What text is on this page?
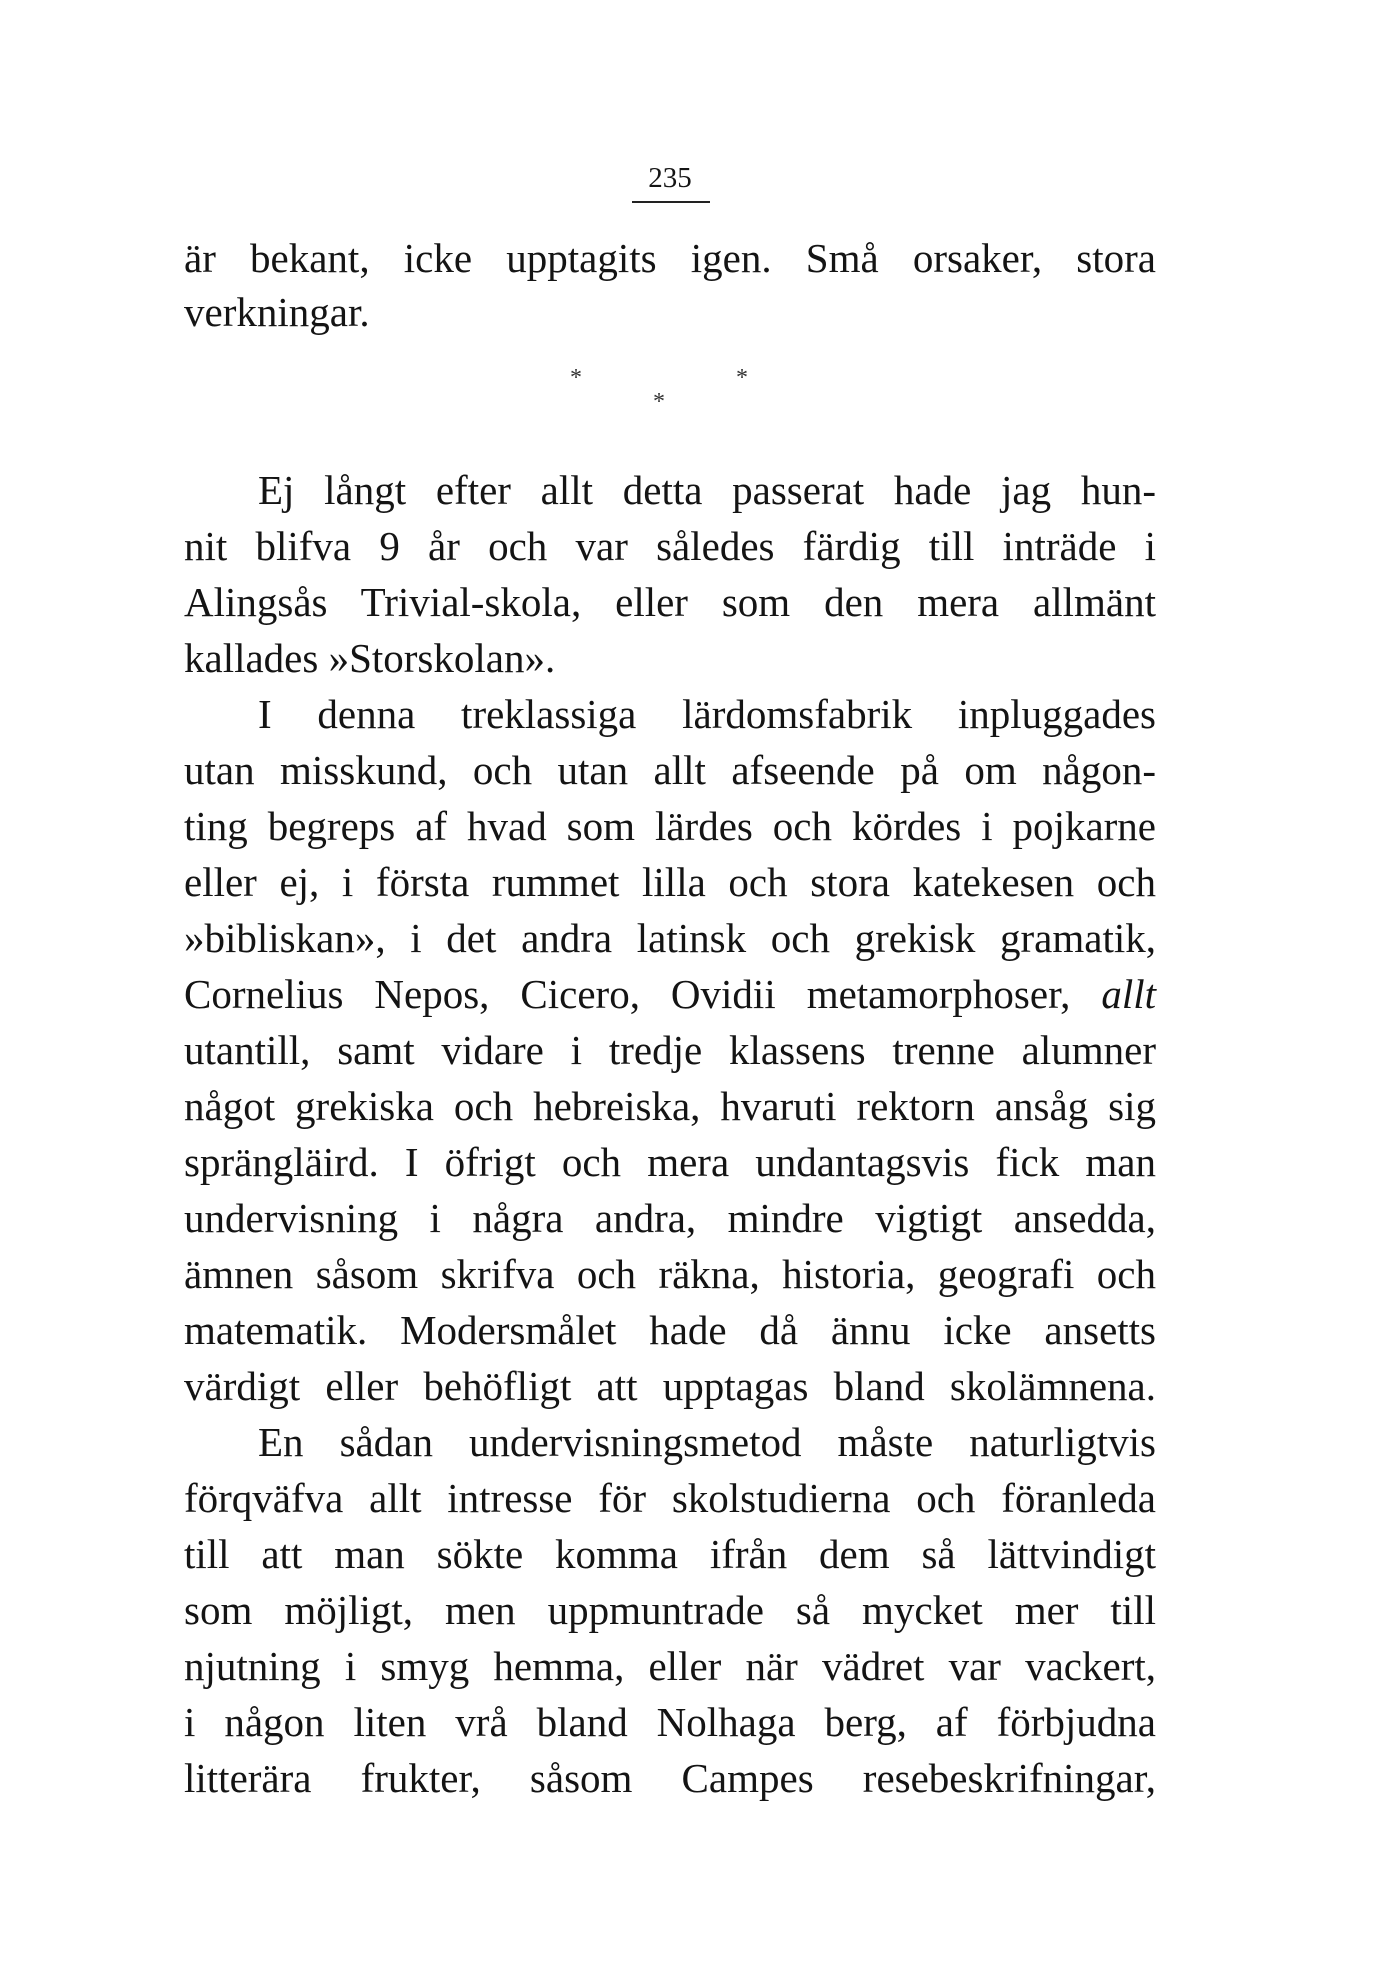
235
är bekant, icke upptagits igen. Små orsaker, stora
verkningar.
*
*
*
Ej långt efter allt detta passerat hade jag hun-
nit blifva 9 år och var således färdig till inträde i
Alingsås Trivial-skola, eller som den mera allmänt
kallades »Storskolan».
I denna treklassiga lärdomsfabrik inpluggades
utan misskund, och utan allt afseende på om någon-
ting begreps af hvad som lärdes och kördes i pojkarne
eller ej, i första rummet lilla och stora katekesen och
»bibliskan», i det andra latinsk och grekisk gramatik,
Cornelius Nepos, Cicero, Ovidii metamorphoser, allt
utantill, samt vidare i tredje klassens trenne alumner
något grekiska och hebreiska, hvaruti rektorn ansåg sig
sprängläird. I öfrigt och mera undantagsvis fick man
undervisning i några andra, mindre vigtigt ansedda,
ämnen såsom skrifva och räkna, historia, geografi och
matematik. Modersmålet hade då ännu icke ansetts
värdigt eller behöfligt att upptagas bland skolämnena.
En sådan undervisningsmetod måste naturligtvis
förqväfva allt intresse för skolstudierna och föranleda
till att man sökte komma ifrån dem så lättvindigt
som möjligt, men uppmuntrade så mycket mer till
njutning i smyg hemma, eller när vädret var vackert,
i någon liten vrå bland Nolhaga berg, af förbjudna
litterära frukter, såsom Campes resebeskrifningar,
